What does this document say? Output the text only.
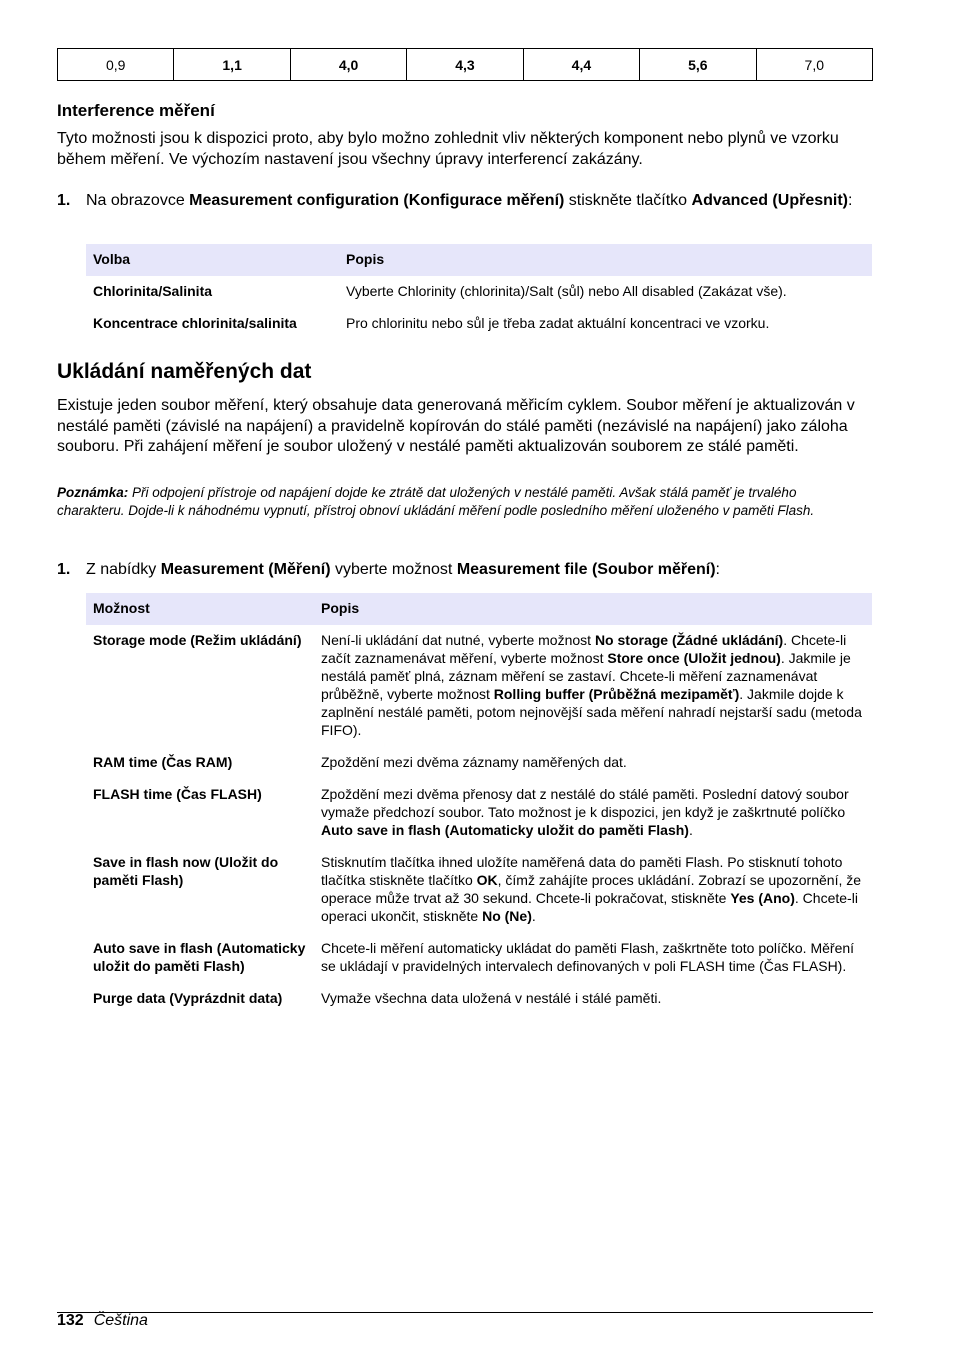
0,9	1,1	4,0	4,3	4,4	5,6	7,0
Interference měření
Tyto možnosti jsou k dispozici proto, aby bylo možno zohlednit vliv některých komponent nebo plynů ve vzorku během měření. Ve výchozím nastavení jsou všechny úpravy interferencí zakázány.
1. Na obrazovce Measurement configuration (Konfigurace měření) stiskněte tlačítko Advanced (Upřesnit):
Volba	Popis
Chlorinita/Salinita	Vyberte Chlorinity (chlorinita)/Salt (sůl) nebo All disabled (Zakázat vše).
Koncentrace chlorinita/salinita	Pro chlorinitu nebo sůl je třeba zadat aktuální koncentraci ve vzorku.
Ukládání naměřených dat
Existuje jeden soubor měření, který obsahuje data generovaná měřicím cyklem. Soubor měření je aktualizován v nestálé paměti (závislé na napájení) a pravidelně kopírován do stálé paměti (nezávislé na napájení) jako záloha souboru. Při zahájení měření je soubor uložený v nestálé paměti aktualizován souborem ze stálé paměti.
Poznámka: Při odpojení přístroje od napájení dojde ke ztrátě dat uložených v nestálé paměti. Avšak stálá paměť je trvalého charakteru. Dojde-li k náhodnému vypnutí, přístroj obnoví ukládání měření podle posledního měření uloženého v paměti Flash.
1. Z nabídky Measurement (Měření) vyberte možnost Measurement file (Soubor měření):
Možnost	Popis
Storage mode (Režim ukládání)	Není-li ukládání dat nutné, vyberte možnost No storage (Žádné ukládání). Chcete-li začít zaznamenávat měření, vyberte možnost Store once (Uložit jednou). Jakmile je nestálá paměť plná, záznam měření se zastaví. Chcete-li měření zaznamenávat průběžně, vyberte možnost Rolling buffer (Průběžná mezipaměť). Jakmile dojde k zaplnění nestálé paměti, potom nejnovější sada měření nahradí nejstarší sadu (metoda FIFO).
RAM time (Čas RAM)	Zpoždění mezi dvěma záznamy naměřených dat.
FLASH time (Čas FLASH)	Zpoždění mezi dvěma přenosy dat z nestálé do stálé paměti. Poslední datový soubor vymaže předchozí soubor. Tato možnost je k dispozici, jen když je zaškrtnuté políčko Auto save in flash (Automaticky uložit do paměti Flash).
Save in flash now (Uložit do paměti Flash)	Stisknutím tlačítka ihned uložíte naměřená data do paměti Flash. Po stisknutí tohoto tlačítka stiskněte tlačítko OK, čímž zahájíte proces ukládání. Zobrazí se upozornění, že operace může trvat až 30 sekund. Chcete-li pokračovat, stiskněte Yes (Ano). Chcete-li operaci ukončit, stiskněte No (Ne).
Auto save in flash (Automaticky uložit do paměti Flash)	Chcete-li měření automaticky ukládat do paměti Flash, zaškrtněte toto políčko. Měření se ukládají v pravidelných intervalech definovaných v poli FLASH time (Čas FLASH).
Purge data (Vyprázdnit data)	Vymaže všechna data uložená v nestálé i stálé paměti.
132 Čeština
